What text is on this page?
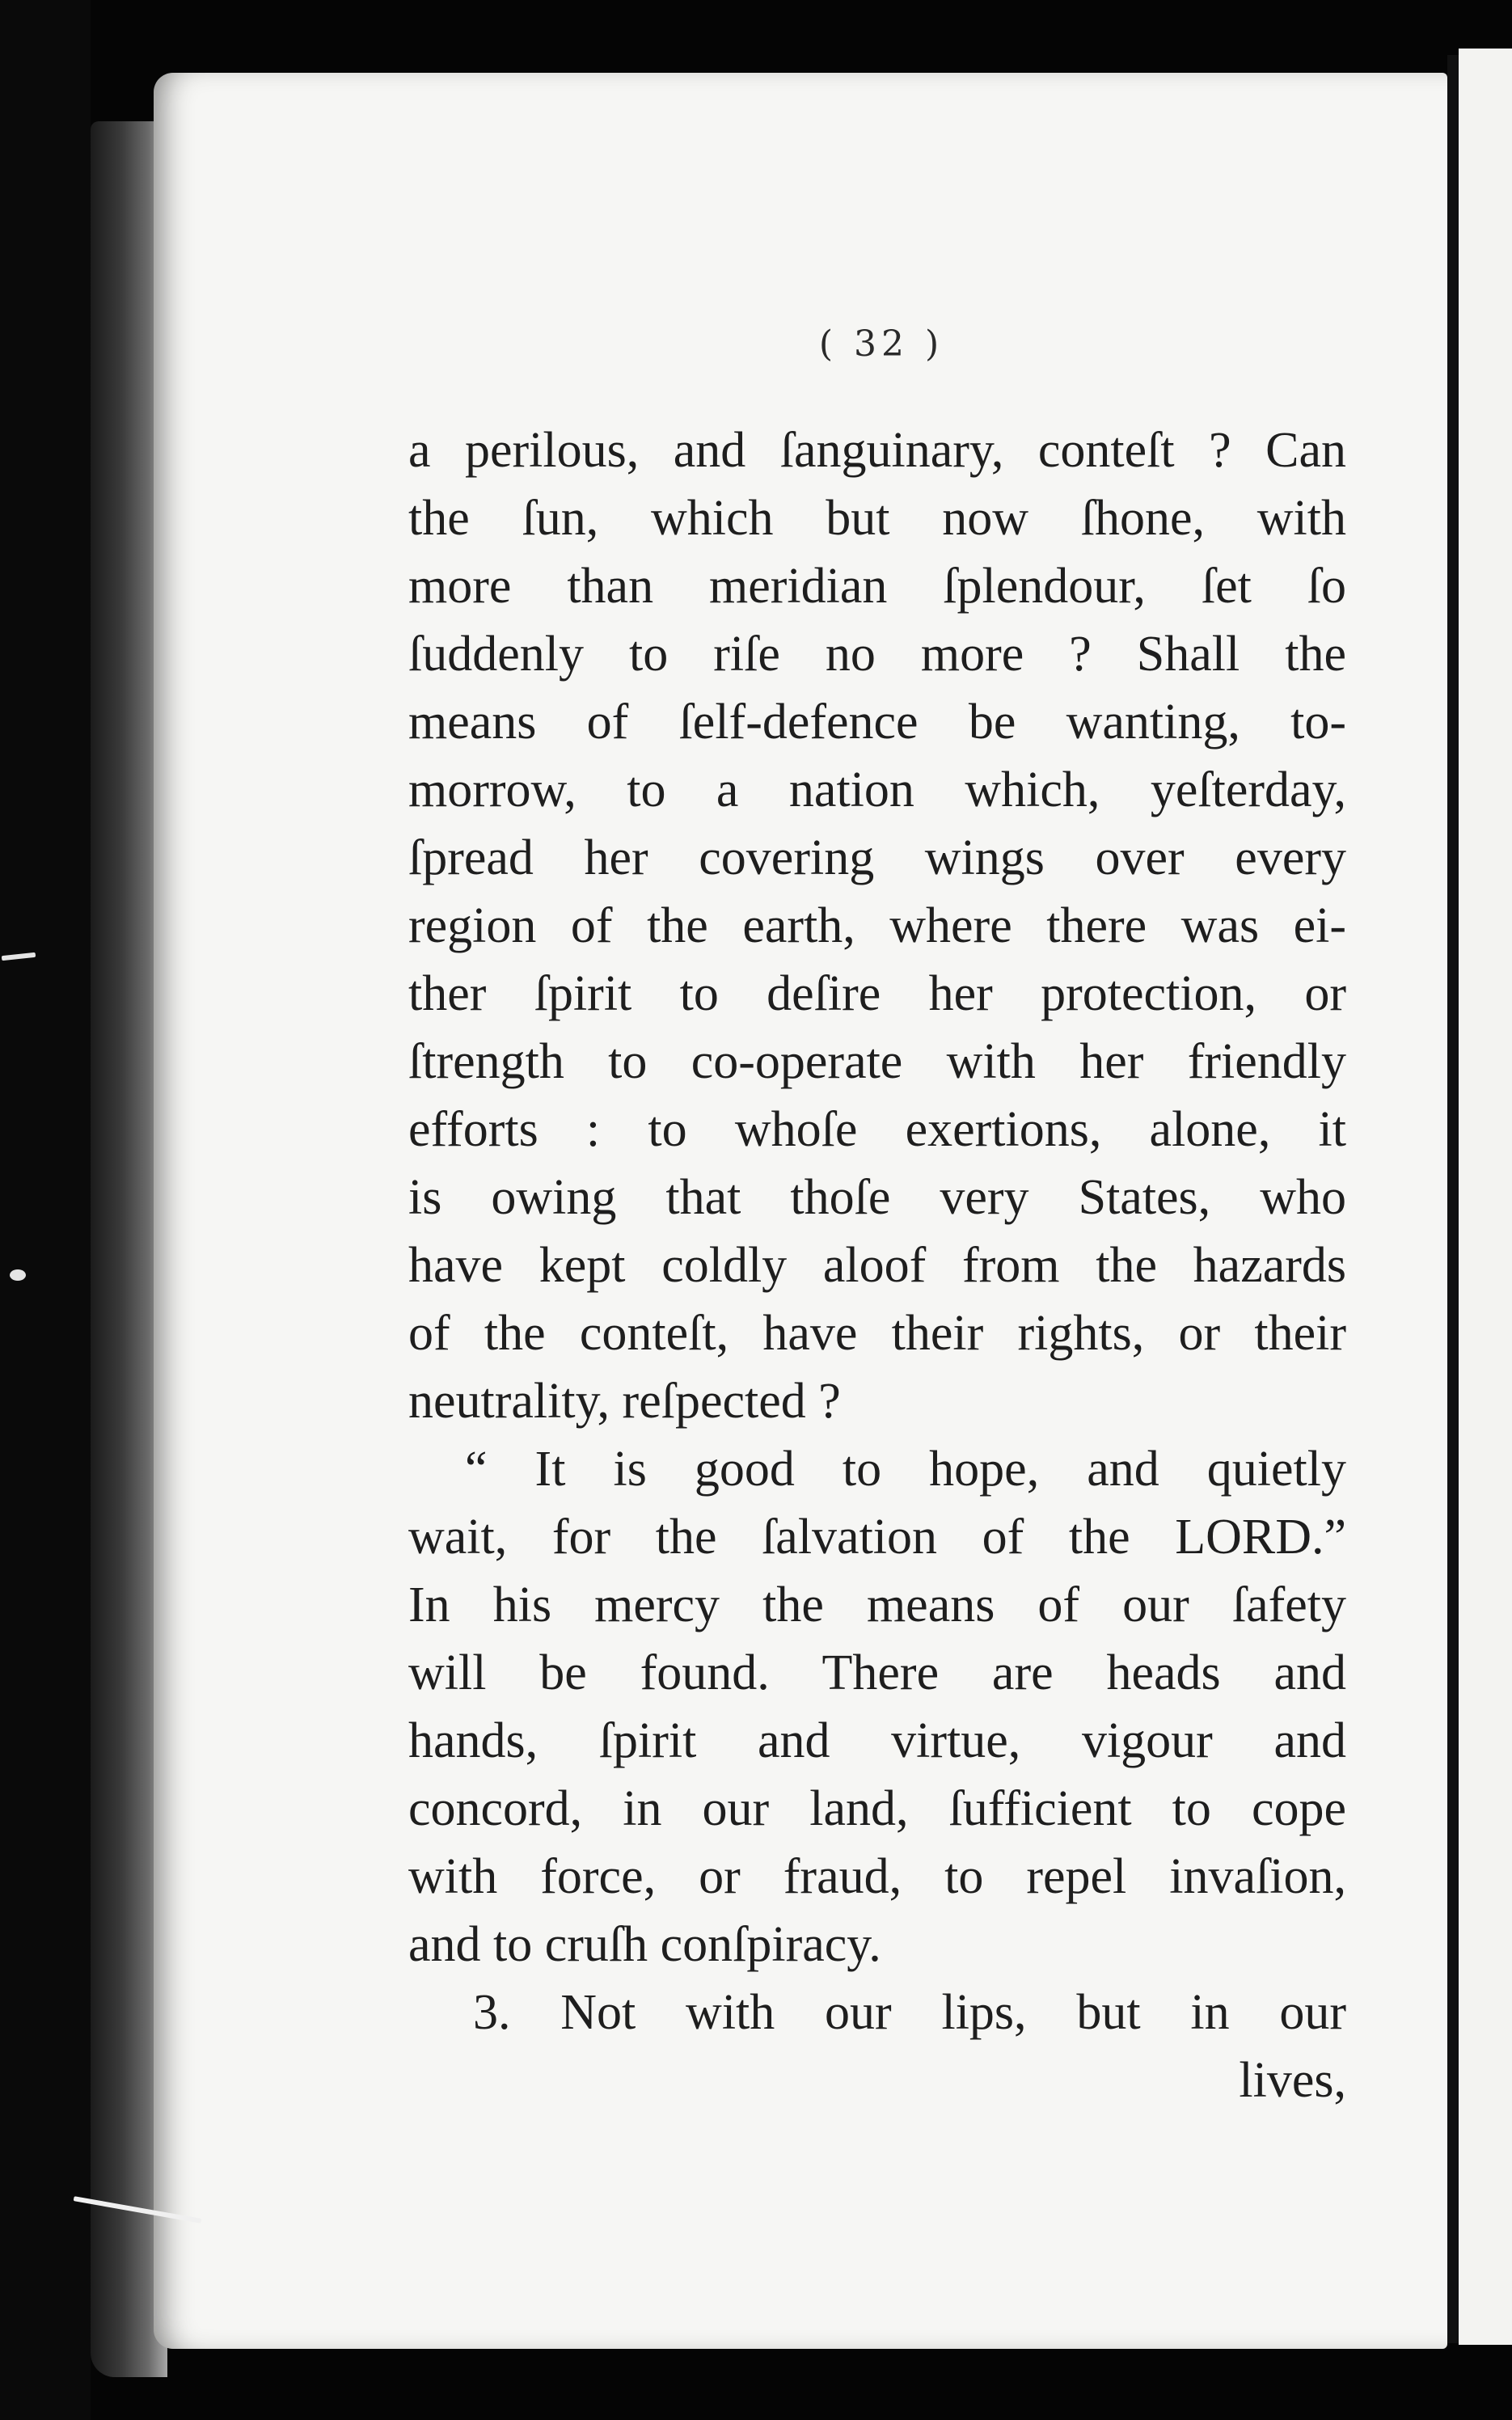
( 32 )
a perilous, and ſanguinary, conteſt ? Can
the ſun, which but now ſhone, with
more than meridian ſplendour, ſet ſo
ſuddenly to riſe no more ? Shall the
means of ſelf-defence be wanting, to-
morrow, to a nation which, yeſterday,
ſpread her covering wings over every
region of the earth, where there was ei-
ther ſpirit to deſire her protection, or
ſtrength to co-operate with her friendly
efforts : to whoſe exertions, alone, it
is owing that thoſe very States, who
have kept coldly aloof from the hazards
of the conteſt, have their rights, or their
neutrality, reſpected ?
“ It is good to hope, and quietly
wait, for the ſalvation of the LORD.”
In his mercy the means of our ſafety
will be found. There are heads and
hands, ſpirit and virtue, vigour and
concord, in our land, ſufficient to cope
with force, or fraud, to repel invaſion,
and to cruſh conſpiracy.
3. Not with our lips, but in our
lives,
